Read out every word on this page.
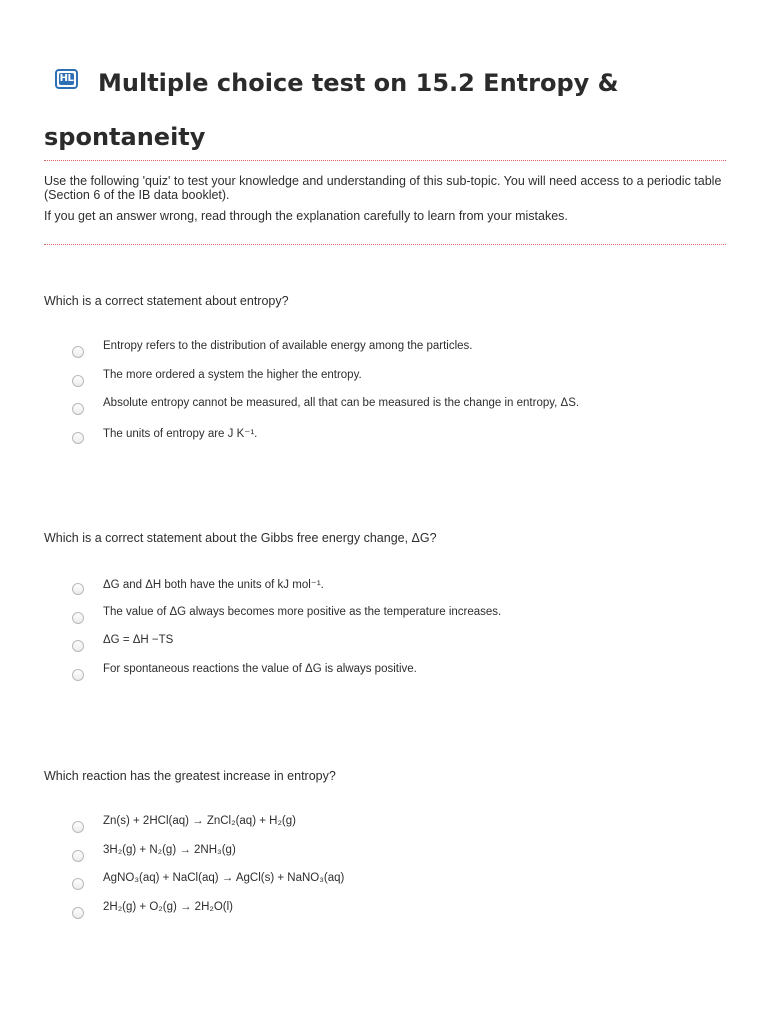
HL	Multiple choice test on 15.2 Entropy & spontaneity

Use the following 'quiz' to test your knowledge and understanding of this sub-topic. You will need access to a periodic table (Section 6 of the IB data booklet).

If you get an answer wrong, read through the explanation carefully to learn from your mistakes.

Which is a correct statement about entropy?
Entropy refers to the distribution of available energy among the particles.
The more ordered a system the higher the entropy.
Absolute entropy cannot be measured, all that can be measured is the change in entropy, ΔS.
The units of entropy are J K⁻¹.
Which is a correct statement about the Gibbs free energy change, ΔG?
ΔG and ΔH both have the units of kJ mol⁻¹.
The value of ΔG always becomes more positive as the temperature increases.
ΔG = ΔH −TS
For spontaneous reactions the value of ΔG is always positive.
Which reaction has the greatest increase in entropy?
Zn(s) + 2HCl(aq) → ZnCl₂(aq) + H₂(g)
3H₂(g) + N₂(g) → 2NH₃(g)
AgNO₃(aq) + NaCl(aq) → AgCl(s) + NaNO₃(aq)
2H₂(g) + O₂(g) → 2H₂O(l)
